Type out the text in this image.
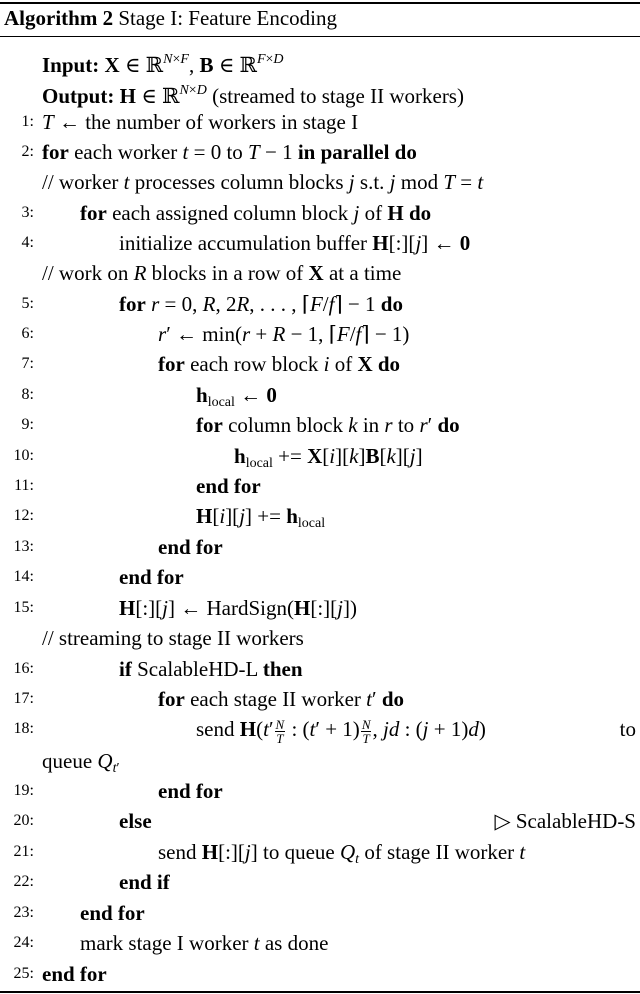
Algorithm 2 Stage I: Feature Encoding
Input: X ∈ ℝ$^{N\times F}$, B ∈ ℝ$^{F\times D}$
Output: H ∈ ℝ$^{N\times D}$ (streamed to stage II workers)
1: T ← the number of workers in stage I
2: for each worker t = 0 to T − 1 in parallel do
// worker t processes column blocks j s.t. j mod T = t
3: for each assigned column block j of H do
4:	initialize accumulation buffer H[:][j] ← 0
// work on R blocks in a row of X at a time
5:	for r = 0, R, 2R, . . . , ⌈F/f⌉ − 1 do
6:	r′ ← min(r + R − 1, ⌈F/f⌉ − 1)
7:	for each row block i of X do
8:	$h_{local}$ ← 0
9:	for column block k in r to r′ do
10:	$h_{local} += X[i][k]B[k][j]$
11:	end for
12:	$H[i][j] += h_{local}$
13:	end for
14:	end for
15:	H[:][j] ← HardSign(H[:][j])
// streaming to stage II workers
16:	if ScalableHD-L then
17:	for each stage II worker t′ do
18:	send $H(t' \frac{N}{T}$ : $(t' + 1) \frac{N}{T}$ , jd : (j + 1)d)	to
queue $Q_{t'}$
19:	end for
20:	else	▷ ScalableHD-S
21:	send H[:][j] to queue $Q_t$ of stage II worker t
22:	end if
23: end for
24: mark stage I worker t as done
25: end for
